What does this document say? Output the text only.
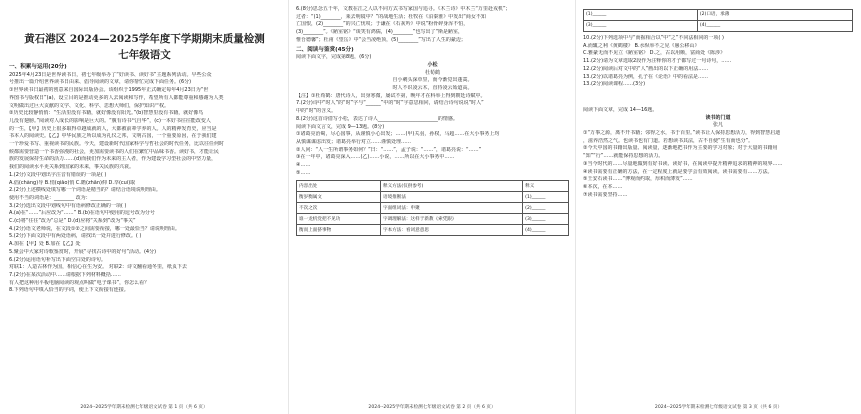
黄石港区 2024—2025学年度下学期期末质量检测
七年级语文
一、积累与运用(20分)
2025年4月23日是世界读书日，初七年级举办了“好读书、读好书”主题系列活动。早些公众
号推出一篇介绍世界读书日由来、倡导阅读的文章，请你帮忙完成下面任务。(6分)
①世界读书日最初的创意来自国际出版协会。该组织于1995年正式确定每年4月23日为“世
界图书与版权日”(a)，设立目的是推动更多的人去阅读和写作，希望所有人都能尊重和感谢为人类
文明做出过巨大贡献的文学、文化、科学、思想大师们，保护知识产权。
②历史比较静悄悄：“生活里没有书籍，就好像没有阳光。”(b)智慧里没有书籍，就好像鸟
儿没有翅膀。”阅读对人成长的影响是巨大的。“腹有诗书气自华”，(c)一本好书往往能改变人
的一生，【甲】历史上很多取得卓越成就的人，大都被前辈学养的人。人的精神发育史，应当是
书本人的阅读史。【乙】中华民族之所以成为礼仪之邦，文明古国，一个重要原因，在于我们建
一个珍爱书写、重视读书的民族。今天，建设新时代国家科学与哲社会的时代任务，比以往任何时
候都需要营造一个书香弥漫的社会，更加需要读书的人们在繁忙中品味书香。读好书，才能让民
族的发展保持生命的活力……(d)而我们作为未来的主人者，作为建设学习型社会的中坚力量，
我们的阅读水平更关系到国家的未来，事关民族的兴衰。
1.(2分)文段中划出字注音有错误的一项是( )
A.倡(chàng)导 B.悄(qiǎo)悄 C.瞻(zhān)仰 D.萃(cuì)取
2.(2分)上述横线处填写哪一个词语是精当的？请结合语境说明理由。
使用不当的词语是：________ 改为：________
3.(2分)选出文段中划线句中有语病修改正确的一项( )
A.(a)在“……”后应改为“……” B.(b)在语句中使用的逗号改为分号
C.(c)将“往往”改为“总是” D.(d)应将“关系到”改为“事关”
4.(2分)语文老师说，在文段①②之间需要衔接，哪一处最恰当？请说明理由。
5.(2分)下面文段中有两处语病，请找出一处并进行修改。( )
A.加在【甲】处 B.加在【乙】处
5.聚会中大家对诗歌鉴赏时，开展“寻找古诗中的好句”活动。(4分)
6.(2分)运用语句补写出下面空白处的诗句。
对联1：人造古林作为国，相信心在生为安。 对联2：诗文翻看通冬里，纸页下去
7.(2分)在某次活动中……请根据下列材料概括……
有人把这种用平板电脑阅读的观点叫做“电子课书”，你怎么看？
8.下列语句中填入恰当的字词，使上下文衔接有连接。
2024--2025学年期末检测七年级语文试卷 第 1 页（共 6 页）
6.(8分)思念五千年，文教在江之人以不同方式书写家国与追寻。《木兰诗》中木兰“万里赴戎机”；
过者：“(1)________，莱去明镜中？”的战地生活；杜牧在《泊秦淮》中发出“商女不知
亡国恨，(2)________”的兴亡忧叹；于谦在《石灰吟》中说“粉骨碎身浑不怕，
(3)________”。《陋室铭》“谈笑有鸿儒，(4)________”也写出了“斯是陋室，
惟吾德馨”；杜甫《望岳》中“会当凌绝顶，(5)________”写出了人生的豪迈；
二、阅读与鉴赏(45分)
阅读下面文字，完成第8题，(6分)
小松
杜荀鹤
自小刺头深草里，而今渐觉出蓬蒿。
时人不识凌云木，直待凌云始道高。
【注】①杜荀鹤：唐代诗人，出身寒微，屡试不第，晚年才在科举上得到朝廷诗赋中。
7.(2分)诗中“时人”的“时”字与“______”中的“时”字意思相同，请结合诗句说说“时人”
中的“时”的含义。
8.(2分)这首诗借写小松，表达了诗人________________________的情感。
阅读下面文言文，完成 9—13题。(8分)
①诸葛亮治蜀，尽心国事，从谨慎小心出发；……(甲)关羽，孙权，马超……在大小事务上均
从慎谋谋虑出发；诸葛亮举行对立……谨慎处理……
②人问：“人一生所谓事务如何？”曰：“……”，孟子说：“……”，诸葛亮说：“……”
③在一年中，诸葛亮深入……(乙)……小说，……所以在大小事务中……
④……
⑤……
内容出处	释义方法(仅供参考)	释义
衡岁衡属文	语境推断法	(1)______
不次之次	字面组词法：申聚	(2)______
谁一龙机党把不见功	字调理解法：这样于新教《索凭跟》	(3)______
衡而上面挤事物	字本方法：看词意意思	(4)______
2024--2025学年期末检测七年级语文试卷 第 2 页（共 6 页）
(1)______	(2)口语，承薄
(3)______	(4)______
10.(2分)下列选项中与“而握相合以”中“之”不同法相同的一项( )
A.而辄之利《黄鹤楼》 B.水纵举不之见《愚公移山》
C.雅豪无而不见立《陋室铭》 D.之，古以用颇，富商处《陈涉》
11.(2分)请为文章选取2段作为注释你的才子都写过一句诗句，……
12.(2分)阅读后对文中的“人”画出的以下正确的用法……
13.(2分)以诸葛亮为例，孔子在《论语》中的看法是……
13.(2分)阅读课程……(3分)
阅读下面文章，完成 14—16题。
读书的门道
张凡
①“万事之源，离不开书籍；邻得之水，书于百里。”读书让人保持思想活力，得到智慧启迪
，滋养浩然之气。也读书也有门道。若想读书其法，古不自使“生有而也分”。
②今天中国的书籍出版量、阅读量，逐渐地把书作为主要的学习对象；对于大量的书籍用
“知”“行”……就能保持思想的活力。
③当今时代的……尽量地做到有好书读、读好书，在阅读中提升精神追求的精神的境界……
④读书需要有正确的方法，在一定程度上就是要学会有效阅读。读书需要有……方法。
⑤王安石读书……“博观而约取，厚积而薄发”……
⑥本次，在本……
⑦读书需要坚持……
2024--2025学年期末检测七年级语文试卷 第 3 页（共 6 页）
